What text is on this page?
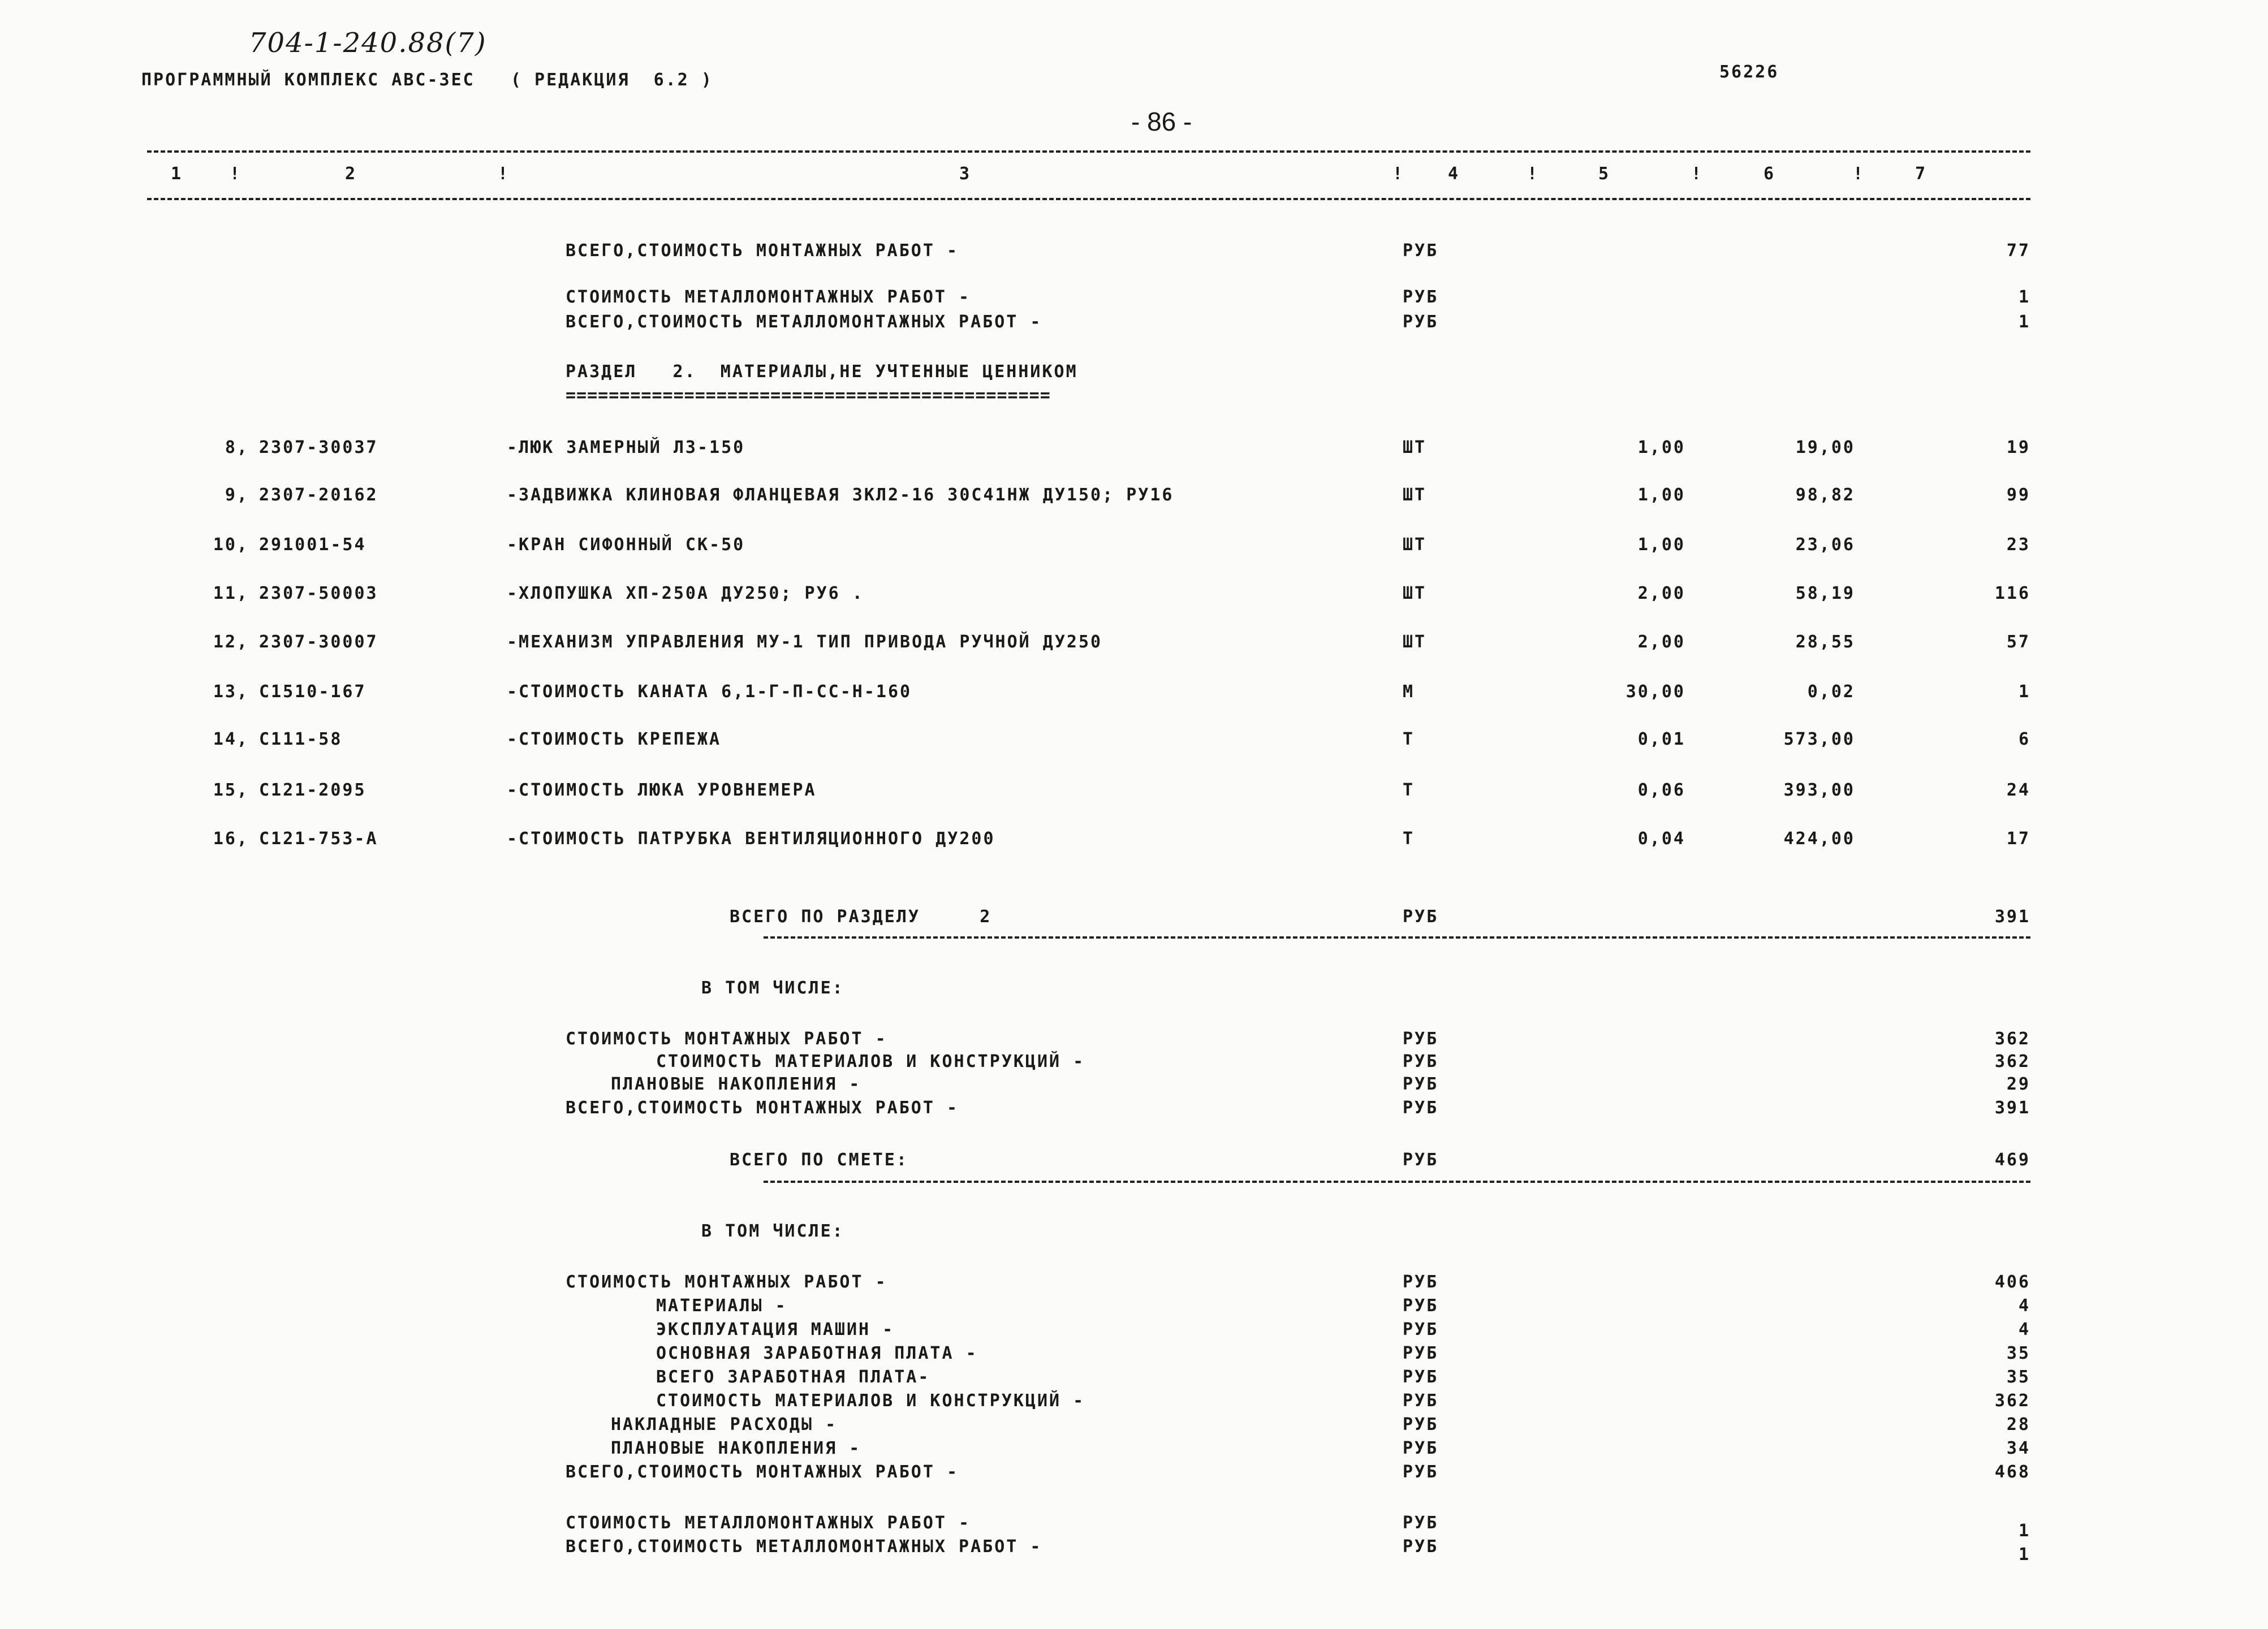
704-1-240.88(7)
ПРОГРАММНЫЙ КОМПЛЕКС АВС-ЗЕС   ( РЕДАКЦИЯ  6.2 )	56226
- 86 -
1	2	3	4	5	6	7
!	!	!	!	!	!
ВСЕГО,СТОИМОСТЬ МОНТАЖНЫХ РАБОТ -	РУБ	77
СТОИМОСТЬ МЕТАЛЛОМОНТАЖНЫХ РАБОТ -	РУБ	1
ВСЕГО,СТОИМОСТЬ МЕТАЛЛОМОНТАЖНЫХ РАБОТ -	РУБ	1
РАЗДЕЛ   2.  МАТЕРИАЛЫ,НЕ УЧТЕННЫЕ ЦЕННИКОМ
=============================================
8, 2307-30037	-ЛЮК ЗАМЕРНЫЙ ЛЗ-150	ШТ	1,00	19,00	19
9, 2307-20162	-ЗАДВИЖКА КЛИНОВАЯ ФЛАНЦЕВАЯ ЗКЛ2-16 30С41НЖ ДУ150; РУ16	ШТ	1,00	98,82	99
10, 291001-54	-КРАН СИФОННЫЙ СК-50	ШТ	1,00	23,06	23
11, 2307-50003	-ХЛОПУШКА ХП-250А ДУ250; РУ6 .	ШТ	2,00	58,19	116
12, 2307-30007	-МЕХАНИЗМ УПРАВЛЕНИЯ МУ-1 ТИП ПРИВОДА РУЧНОЙ ДУ250	ШТ	2,00	28,55	57
13, С1510-167	-СТОИМОСТЬ КАНАТА 6,1-Г-П-СС-Н-160	М	30,00	0,02	1
14, С111-58	-СТОИМОСТЬ КРЕПЕЖА	Т	0,01	573,00	6
15, С121-2095	-СТОИМОСТЬ ЛЮКА УРОВНЕМЕРА	Т	0,06	393,00	24
16, С121-753-А	-СТОИМОСТЬ ПАТРУБКА ВЕНТИЛЯЦИОННОГО ДУ200	Т	0,04	424,00	17
ВСЕГО ПО РАЗДЕЛУ     2	РУБ	391
В ТОМ ЧИСЛЕ:
СТОИМОСТЬ МОНТАЖНЫХ РАБОТ -	РУБ	362
СТОИМОСТЬ МАТЕРИАЛОВ И КОНСТРУКЦИЙ -	РУБ	362
ПЛАНОВЫЕ НАКОПЛЕНИЯ -	РУБ	29
ВСЕГО,СТОИМОСТЬ МОНТАЖНЫХ РАБОТ -	РУБ	391
ВСЕГО ПО СМЕТЕ:	РУБ	469
В ТОМ ЧИСЛЕ:
СТОИМОСТЬ МОНТАЖНЫХ РАБОТ -	РУБ	406
МАТЕРИАЛЫ -	РУБ	4
ЭКСПЛУАТАЦИЯ МАШИН -	РУБ	4
ОСНОВНАЯ ЗАРАБОТНАЯ ПЛАТА -	РУБ	35
ВСЕГО ЗАРАБОТНАЯ ПЛАТА-	РУБ	35
СТОИМОСТЬ МАТЕРИАЛОВ И КОНСТРУКЦИЙ -	РУБ	362
НАКЛАДНЫЕ РАСХОДЫ -	РУБ	28
ПЛАНОВЫЕ НАКОПЛЕНИЯ -	РУБ	34
ВСЕГО,СТОИМОСТЬ МОНТАЖНЫХ РАБОТ -	РУБ	468
СТОИМОСТЬ МЕТАЛЛОМОНТАЖНЫХ РАБОТ -	РУБ	1
ВСЕГО,СТОИМОСТЬ МЕТАЛЛОМОНТАЖНЫХ РАБОТ -	РУБ	1
